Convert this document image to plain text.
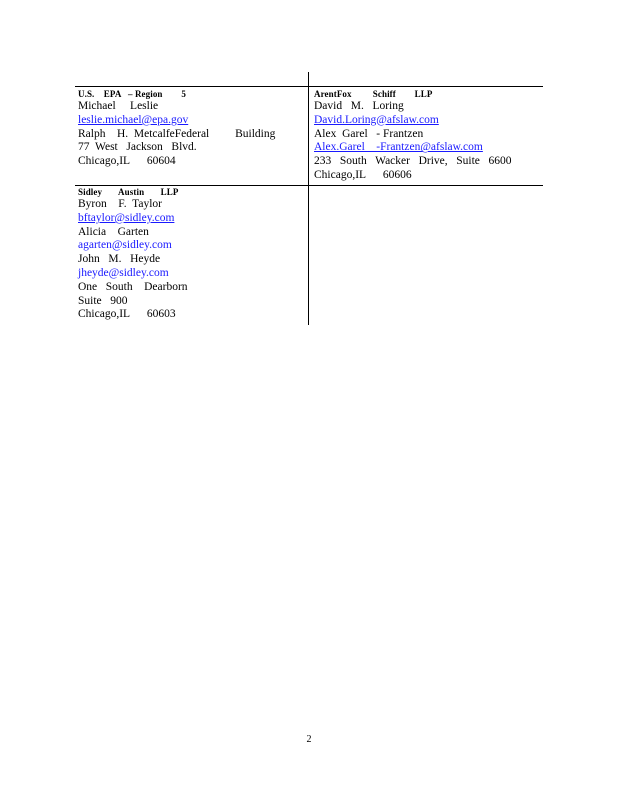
U.S.    EPA   – Region        5
Michael     Leslie
leslie.michael@epa.gov
Ralph    H.  MetcalfeFederal         Building
77  West   Jackson   Blvd.
Chicago,IL      60604
ArentFox         Schiff        LLP
David   M.   Loring
David.Loring@afslaw.com
Alex  Garel   - Frantzen
Alex.Garel    -Frantzen@afslaw.com
233   South   Wacker   Drive,   Suite   6600
Chicago,IL      60606
Sidley       Austin       LLP
Byron    F.  Taylor
bftaylor@sidley.com
Alicia    Garten
agarten@sidley.com
John   M.   Heyde
jheyde@sidley.com
One   South    Dearborn
Suite   900
Chicago,IL      60603
2
